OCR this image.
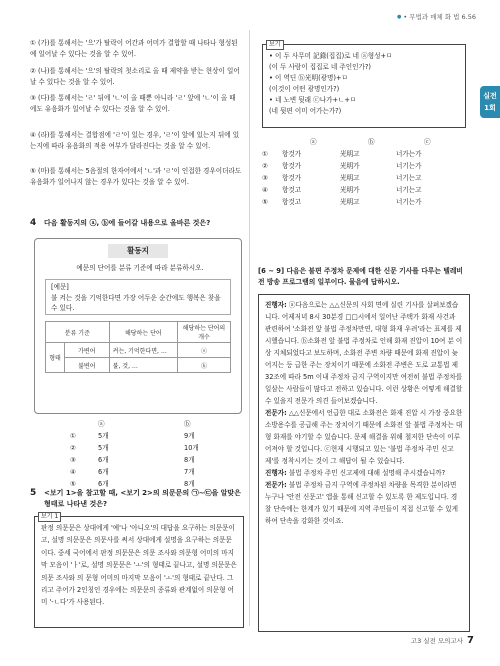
● • 무법과 매체 화 법 6.56
실전
1회
① (가)를 통해서는 '으'가 탈락이 어간과 어미가 결합할 때 나타나 형성된 예 일어날 수 있다는 것을 알 수 있어.
② (나)를 통해서는 '으'의 탈락의 첫소리로 올 때 제약을 받는 현상이 일어날 수 있다는 것을 알 수 있어.
③ (다)를 통해서는 'ㄹ' 뒤에 'ㄴ'이 올 때뿐 아니라 'ㄹ' 앞에 'ㄴ'이 올 때에도 유음화가 일어날 수 있다는 것을 알 수 있어.
④ (라)를 통해서는 결합점에 'ㄹ'이 있는 경우, 'ㄹ'이 앞에 있는지 뒤에 있는지에 따라 유음화의 적용 여부가 달라진다는 것을 알 수 있어.
⑤ (마)를 통해서는 5음절의 한자어에서 'ㄴ'과 'ㄹ'이 인접한 경우이더라도 유음화가 일어나지 않는 경우가 있다는 것을 알 수 있어.
• 이 두 사무미 記錄(집집)로 네 ⓐ형성+ㅁ
(이 두 사람이 집집로 네 주인인가?)
• 이 역딘 ⓑ光明(광명)+ㅁ
(이것이 어떤 광명인가?)
• 네 노변 뒷래 ⓒ나가+ㄴ+ㅁ
(네 뒷편 이미 어가는가?)
보기
ⓐ	ⓑ	ⓒ
① 항것가	光明고	너가는가
② 항것가	光明가	너기는가
③ 항것가	光明고	너기는고
④ 항것고	光明가	너기는고
⑤ 항것고	光明고	너기는가
4 다음 활동지의 ⓐ, ⓑ에 들어갈 내용으로 올바른 것은?
활동지
예문의 단어를 분류 기준에 따라 분류하시오.
[예문]
불 켜는 것을 기억한다면 가장 어두운 순간에도 행복은 찾을 수 있다.
분류 기준		해당하는 단어	해당하는 단어의 개수
형태	가변어	켜는, 기억한다면, …	ⓐ
	불변어	불, 것, …	ⓑ
ⓐ	ⓑ
①	5개	9개
②	5개	10개
③	6개	8개
④	6개	7개
⑤	6개	8개
5 <보기 1>을 참고할 때, <보기 2>의 의문문의 ㉠~㉢을 알맞은 형태로 나타낸 것은?
판정 의문문은 상대에게 '예'나 '아니오'의 대답을 요구하는 의문문이고, 설명 의문문은 의문사를 써서 상대에게 설명을 요구하는 의문문이다. 중세 국어에서 판정 의문문은 의문 조사와 의문형 어미의 마지막 모음이 'ㅏ'로, 설명 의문문은 'ㅗ'의 형태로 끝나고, 설명 의문문은 의문 조사와 의 문형 어미의 마지막 모음이 'ㅗ'의 형태로 끝난다. 그리고 주어가 2인칭인 경우에는 의문문의 종류와 관계없이 의문형 어미 '-ㄴ다'가 사용된다.
보기 1
[6 ~ 9] 다음은 불편 주정차 문제에 대한 신문 기사를 다루는 텔레비전 방송 프로그램의 일부이다. 물음에 답하시오.
진행자: ⓐ다음으로는 △△신문의 사회 면에 실린 기사를 살펴보겠습니다. 어제저녁 8시 30분경 □□시에서 일어난 주택가 화재 사건과 관련하여 '소화전 앞 불법 주정차만연, 대형 화재 우려'라는 표제를 제시했습니다. ⓑ소화전 앞 불법 주정차로 인해 화재 진압이 10여 분 이상 지체되었다고 보도하며, 소화전 주변 차량 때문에 화재 진압이 늦어지는 등 급한 주는 장치이기 때문에 소화전 주변은 도로 교통법 제32조에 따라 5m 이내 주정차 금지 구역이지만 여전히 불법 주정차를 일삼는 사람들이 많다고 전하고 있습니다. 이런 상황은 어떻게 해결할 수 있을지 전문가 의견 들어보겠습니다.
전문가: △△신문에서 언급한 대로 소화전은 화재 진압 시 가장 중요한 소방용수를 공급해 주는 장치이기 때문에 소화전 앞 불법 주정차는 대형 화재를 야기할 수 있습니다. 문제 해결을 위해 철저한 단속이 이루어져야 할 것입니다. ⓒ현재 시행되고 있는 '불법 주정차 주민 신고제'를 정착시키는 것이 그 해답이 될 수 있습니다.
진행자: 불법 주정차 주민 신고제에 대해 설명해 주시겠습니까?
전문가: 불법 주정차 금지 구역에 주정차된 차량을 목격한 분이라면 누구나 '안전 신문고' 앱을 통해 신고할 수 있도록 한 제도입니다. 경찰 단속에는 한계가 있기 때문에 지역 주민들이 직접 신고할 수 있게 하여 단속을 강화한 것이죠.
고3 실전 모의고사 7
